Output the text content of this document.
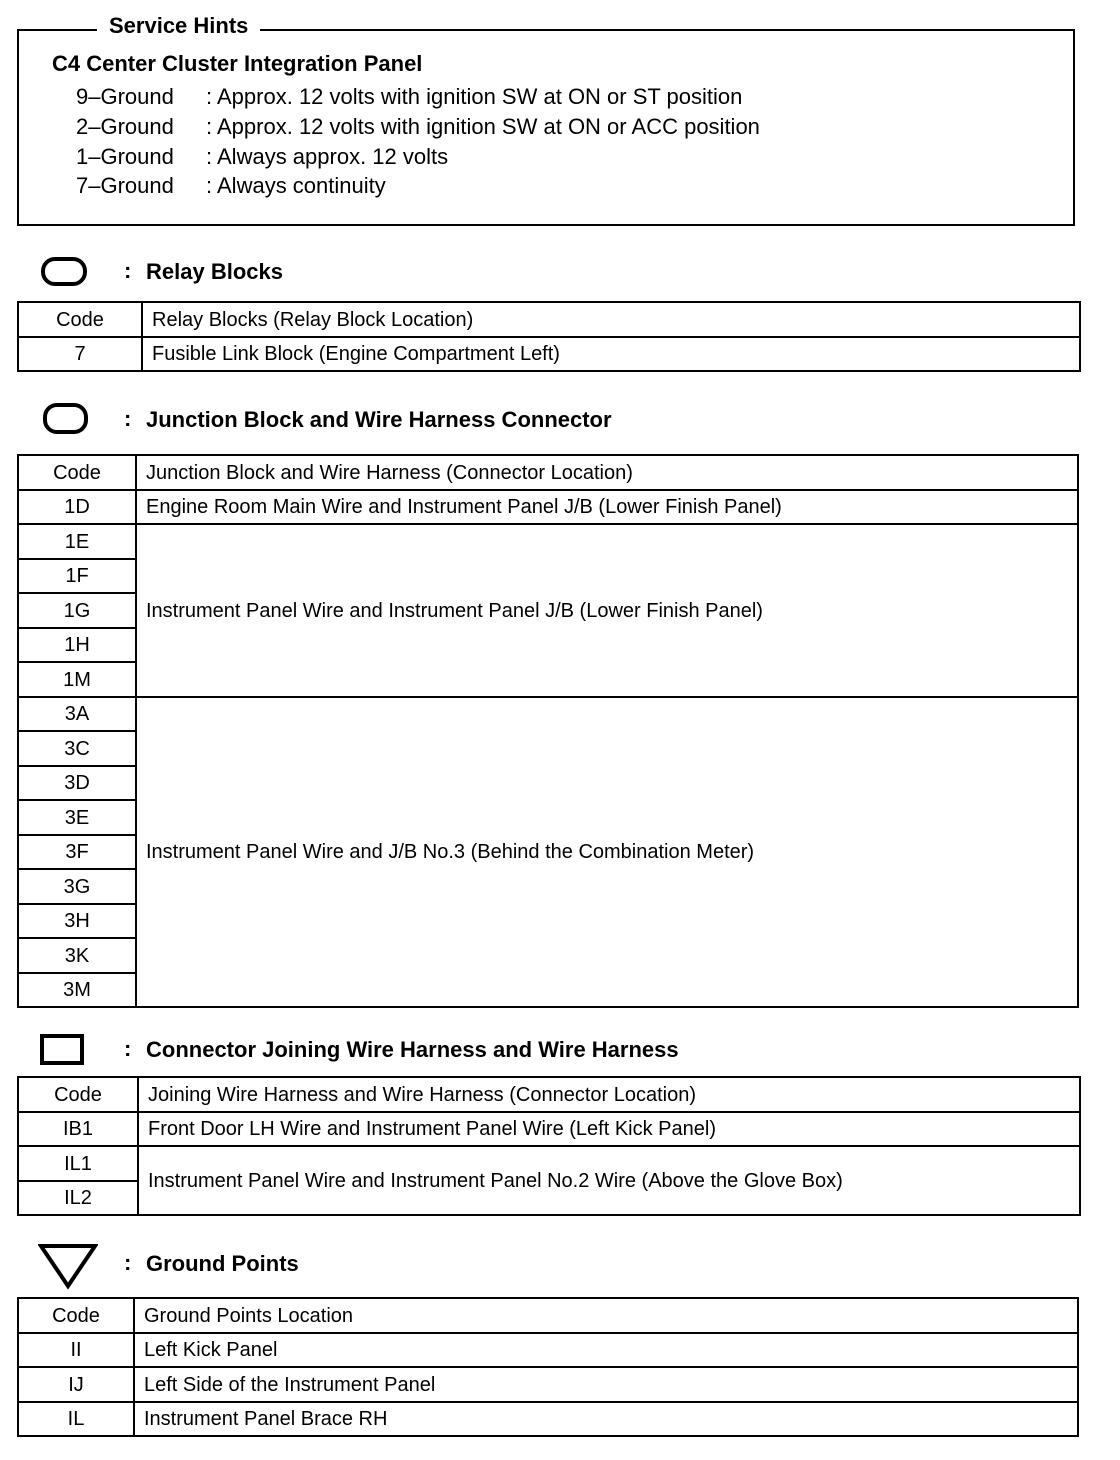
Service Hints
C4 Center Cluster Integration Panel
9–Ground : Approx. 12 volts with ignition SW at ON or ST position
2–Ground : Approx. 12 volts with ignition SW at ON or ACC position
1–Ground : Always approx. 12 volts
7–Ground : Always continuity
: Relay Blocks
Code	Relay Blocks (Relay Block Location)
7	Fusible Link Block (Engine Compartment Left)
: Junction Block and Wire Harness Connector
Code	Junction Block and Wire Harness (Connector Location)
1D	Engine Room Main Wire and Instrument Panel J/B (Lower Finish Panel)
1E	Instrument Panel Wire and Instrument Panel J/B (Lower Finish Panel)
1F	
1G	
1H	
1M	
3A	Instrument Panel Wire and J/B No.3 (Behind the Combination Meter)
3C	
3D	
3E	
3F	
3G	
3H	
3K	
3M	
: Connector Joining Wire Harness and Wire Harness
Code	Joining Wire Harness and Wire Harness (Connector Location)
IB1	Front Door LH Wire and Instrument Panel Wire (Left Kick Panel)
IL1	Instrument Panel Wire and Instrument Panel No.2 Wire (Above the Glove Box)
IL2	
: Ground Points
Code	Ground Points Location
II	Left Kick Panel
IJ	Left Side of the Instrument Panel
IL	Instrument Panel Brace RH
